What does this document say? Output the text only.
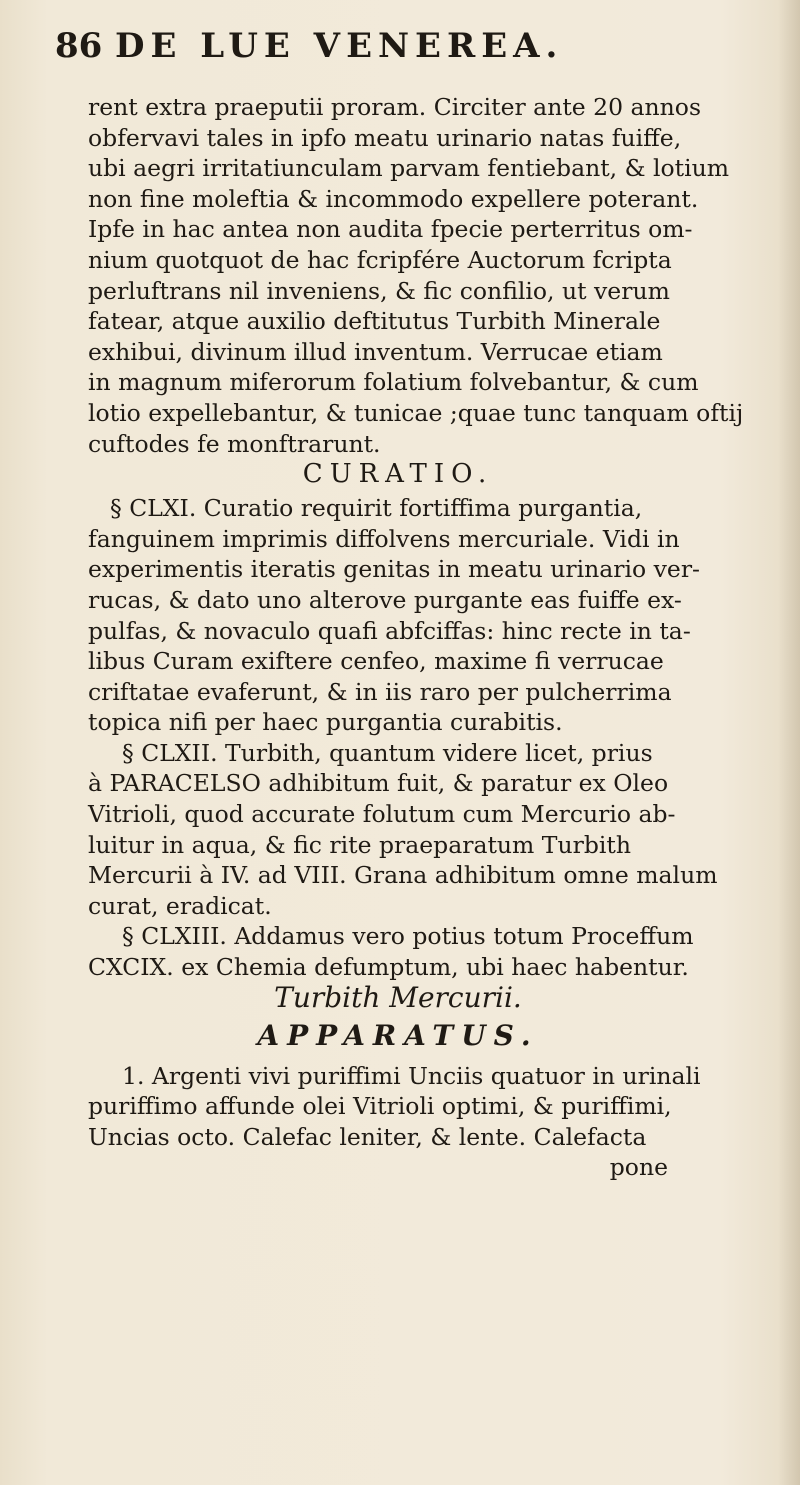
86 DE LUE VENEREA.
rent extra praeputii proram. Circiter ante 20 annos
obfervavi tales in ipfo meatu urinario natas fuiffe,
ubi aegri irritatiunculam parvam fentiebant, & lotium
non fine moleftia & incommodo expellere poterant.
Ipfe in hac antea non audita fpecie perterritus om-
nium quotquot de hac fcripfére Auctorum fcripta
perluftrans nil inveniens, & fic confilio, ut verum
fatear, atque auxilio deftitutus Turbith Minerale
exhibui, divinum illud inventum. Verrucae etiam
in magnum miferorum folatium folvebantur, & cum
lotio expellebantur, & tunicae ;quae tunc tanquam oftij
cuftodes fe monftrarunt.
CURATIO.
§ CLXI. Curatio requirit fortiffima purgantia,
fanguinem imprimis diffolvens mercuriale. Vidi in
experimentis iteratis genitas in meatu urinario ver-
rucas, & dato uno alterove purgante eas fuiffe ex-
pulfas, & novaculo quafi abfciffas: hinc recte in ta-
libus Curam exiftere cenfeo, maxime fi verrucae
criftatae evaferunt, & in iis raro per pulcherrima
topica nifi per haec purgantia curabitis.
§ CLXII. Turbith, quantum videre licet, prius
à PARACELSO adhibitum fuit, & paratur ex Oleo
Vitrioli, quod accurate folutum cum Mercurio ab-
luitur in aqua, & fic rite praeparatum Turbith
Mercurii à IV. ad VIII. Grana adhibitum omne malum
curat, eradicat.
§ CLXIII. Addamus vero potius totum Proceffum
CXCIX. ex Chemia defumptum, ubi haec habentur.
Turbith Mercurii.
APPARATUS.
1. Argenti vivi puriffimi Unciis quatuor in urinali
puriffimo affunde olei Vitrioli optimi, & puriffimi,
Uncias octo. Calefac leniter, & lente. Calefacta
pone
